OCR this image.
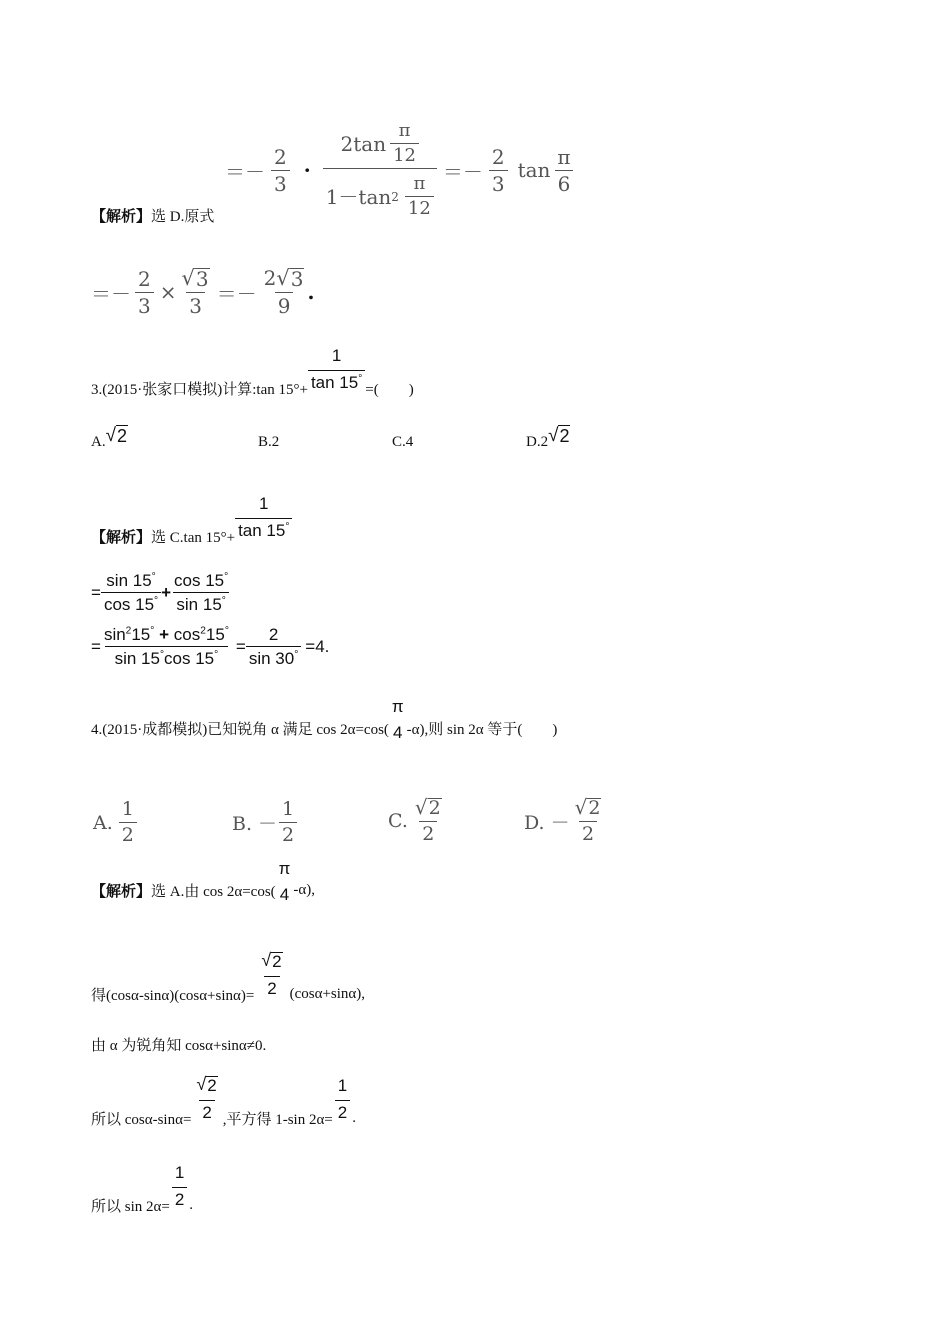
＝－ $\frac{2}{3} \cdot \frac{2\tan \frac{\pi}{12}}{1-\tan 2 \frac{\pi}{12}} =- \frac{2}{3}$ $\tan \frac{\pi}{6}$
【解析】选 D.原式
＝－ $\frac{2}{3} \times \frac{√ 3}{3} =- \frac{2 √ 3}{9}$ .
3.(2015·张家口模拟)计算:tan $15^\circ+ \frac{1}{\tan 15^\circ}$ =(　　)
A. √ 2	B.2	C.4	D.2 √ 2
【解析】选 C.tan $15^\circ+ \frac{1}{\tan 15^\circ}$
= $\frac{\sin 15^\circ}{\cos 15^\circ} + \frac{\cos 15^\circ}{\sin 15^\circ}$
= $\frac{\sin^215^\circ + \cos^215^\circ}{\sin 15^\circ\cos 15^\circ} = \frac{2}{\sin 30^\circ} =4$.
4.(2015·成都模拟)已知锐角 α 满足 cos 2α=cos(
π
4 -α),则 sin 2α 等于(　　)
A. $\frac{1}{2}$	B. － $\frac{1}{2}$	C. $\frac{√ 2}{2}$	D. － $\frac{√ 2}{2}$
【解析】选 A.由 cos 2α=cos(
π
4 -α),
得$(\cos\alpha-\sin\alpha)(\cos\alpha+\sin\alpha)= \frac{√ 2}{2} (\cos\alpha+\sin\alpha)$,
由 α 为锐角知 cosα+sinα≠0.
所以 $\cos\alpha-\sin\alpha= \frac{√ 2}{2}$ ,平方得 1-sin $2\alpha= \frac{1}{2}$ .
所以 $\sin 2\alpha= \frac{1}{2}$ .
